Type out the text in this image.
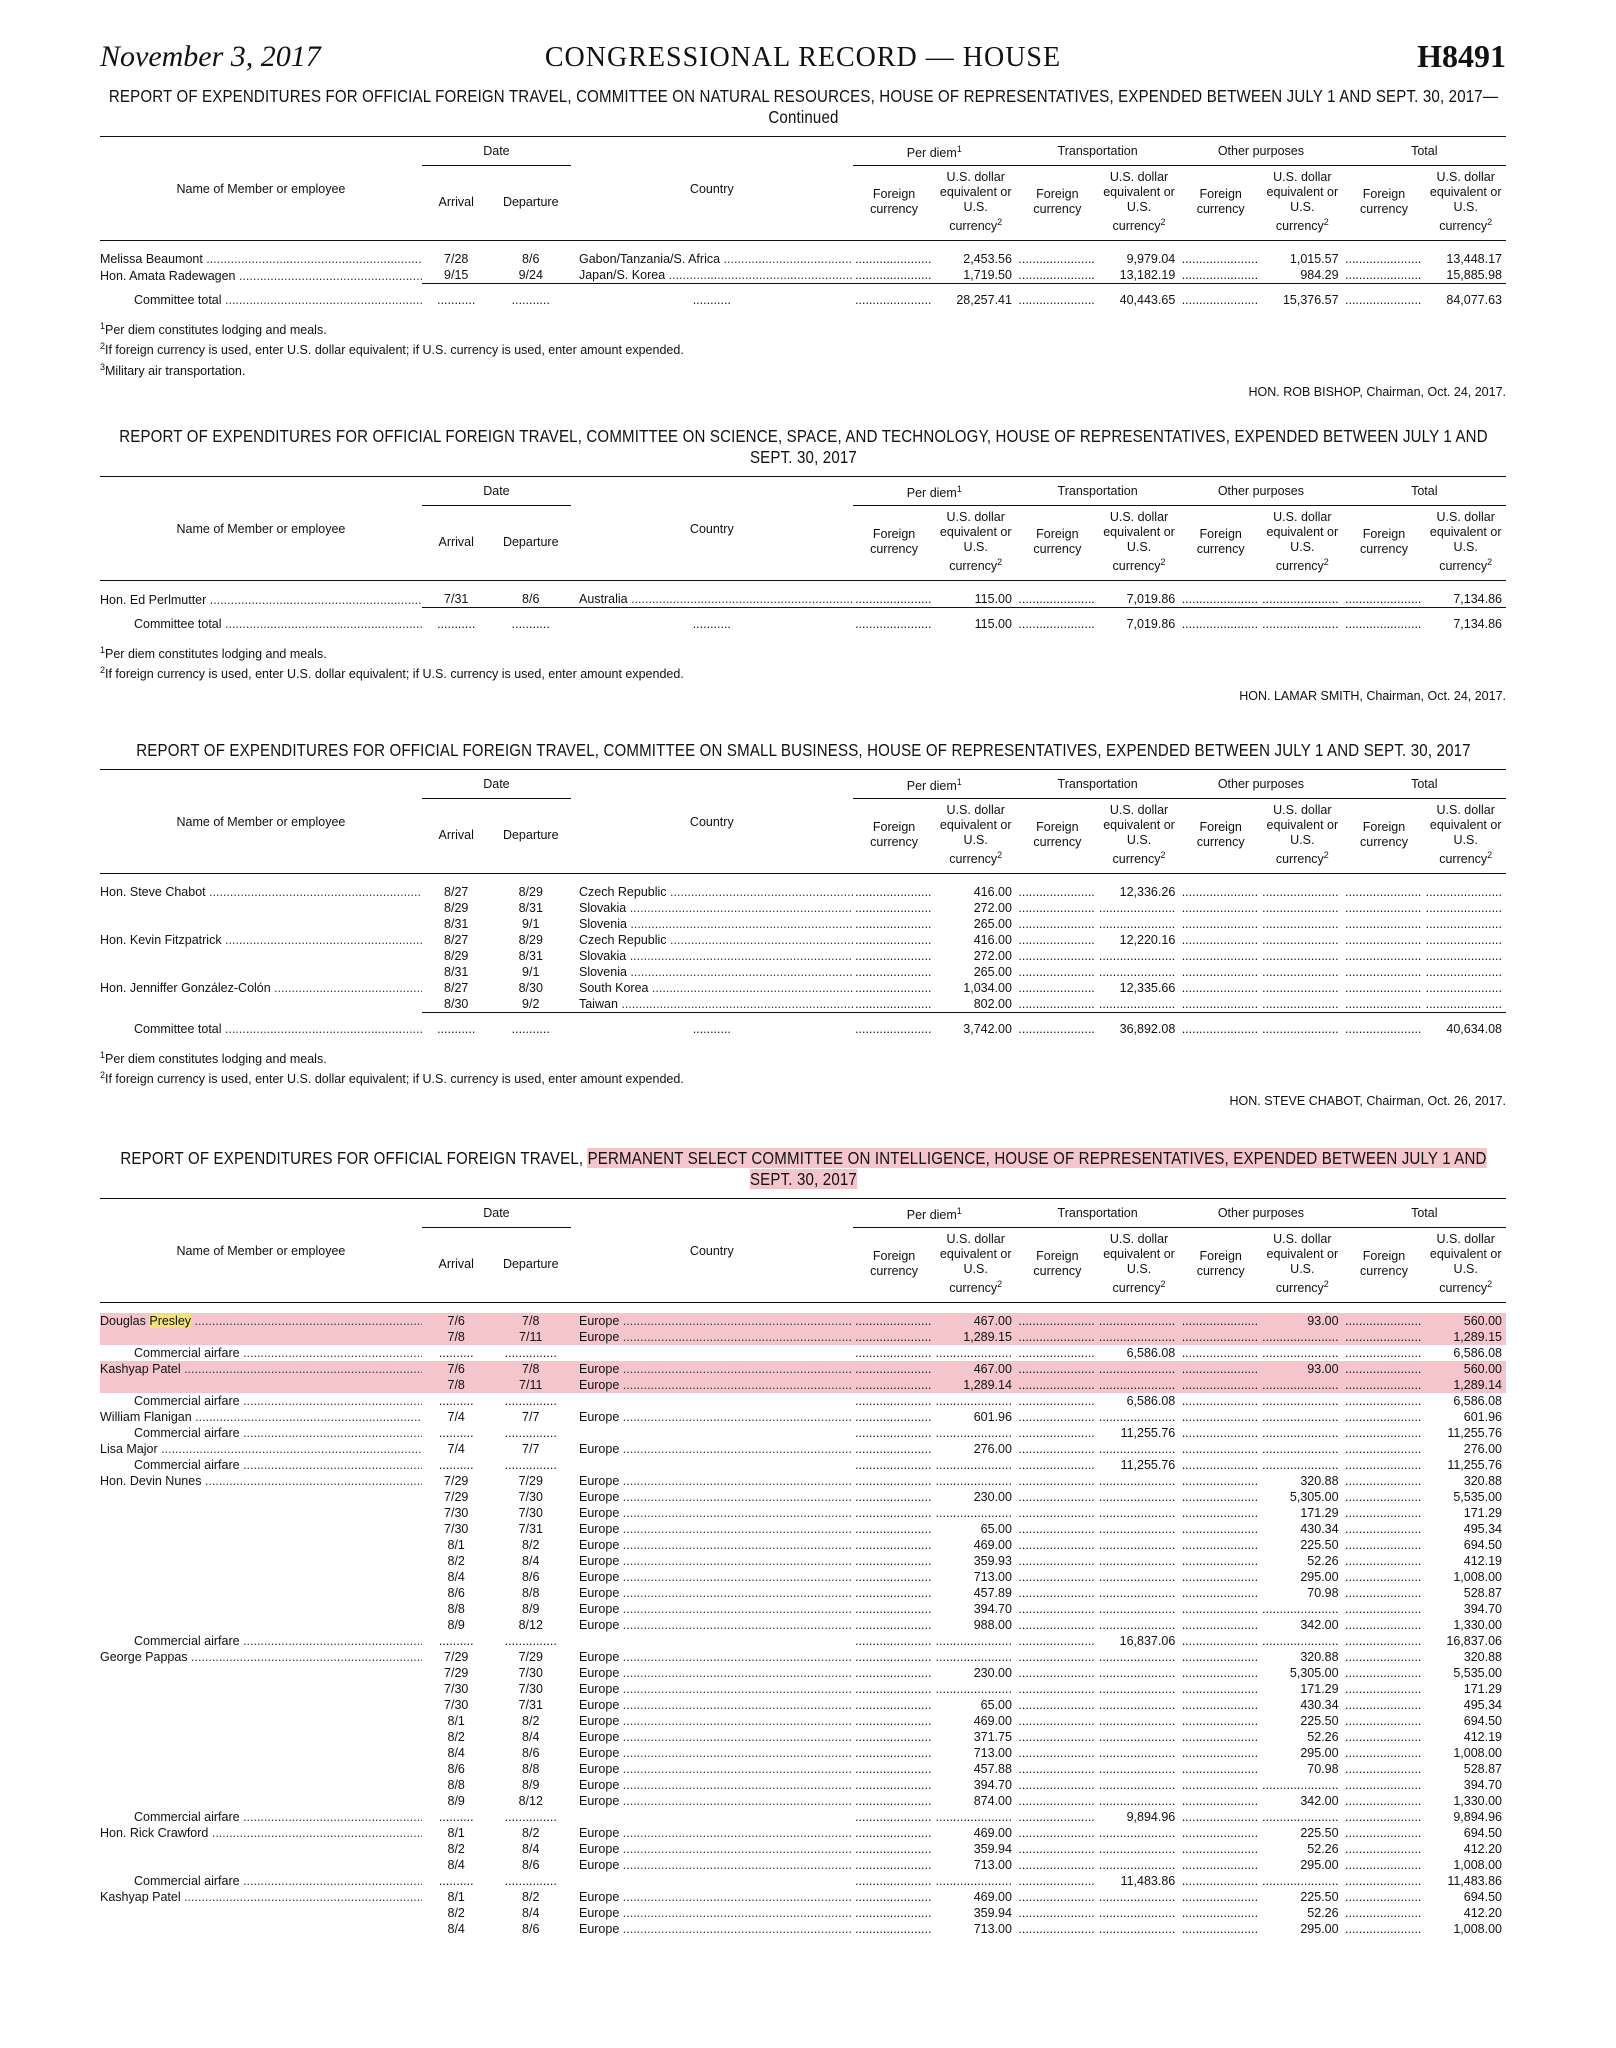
November 3, 2017	CONGRESSIONAL RECORD — HOUSE	H8491
REPORT OF EXPENDITURES FOR OFFICIAL FOREIGN TRAVEL, COMMITTEE ON NATURAL RESOURCES, HOUSE OF REPRESENTATIVES, EXPENDED BETWEEN JULY 1 AND SEPT. 30, 2017—Continued
Name of Member or employee	Date		Country	Per diem$^1$		Transportation		Other purposes		Total	
	Arrival	Departure		Foreign currency	U.S. dollar equivalent or U.S. currency$^2$	Foreign currency	U.S. dollar equivalent or U.S. currency$^2$	Foreign currency	U.S. dollar equivalent or U.S. currency$^2$	Foreign currency	U.S. dollar equivalent or U.S. currency$^2$

Melissa Beaumont .....	7/28	8/6	Gabon/Tanzania/S. Africa .....	......................	2,453.56	......................	9,979.04	......................	1,015.57	......................	13,448.17
Hon. Amata Radewagen .....	9/15	9/24	Japan/S. Korea .....	......................	1,719.50	......................	13,182.19	......................	984.29	......................	15,885.98
Committee total .....	...........	...........	...........	......................	28,257.41	......................	40,443.65	......................	15,376.57	......................	84,077.63
$^1$Per diem constitutes lodging and meals.
$^2$If foreign currency is used, enter U.S. dollar equivalent; if U.S. currency is used, enter amount expended.
$^3$Military air transportation.
HON. ROB BISHOP, Chairman, Oct. 24, 2017.
REPORT OF EXPENDITURES FOR OFFICIAL FOREIGN TRAVEL, COMMITTEE ON SCIENCE, SPACE, AND TECHNOLOGY, HOUSE OF REPRESENTATIVES, EXPENDED BETWEEN JULY 1 AND SEPT. 30, 2017
Name of Member or employee	Date		Country	Per diem$^1$		Transportation		Other purposes		Total	
	Arrival	Departure		Foreign currency	U.S. dollar equivalent or U.S. currency$^2$	Foreign currency	U.S. dollar equivalent or U.S. currency$^2$	Foreign currency	U.S. dollar equivalent or U.S. currency$^2$	Foreign currency	U.S. dollar equivalent or U.S. currency$^2$

Hon. Ed Perlmutter .....	7/31	8/6	Australia .....	......................	115.00	......................	7,019.86	......................	......................	......................	7,134.86
Committee total .....	...........	...........	...........	......................	115.00	......................	7,019.86	......................	......................	......................	7,134.86
$^1$Per diem constitutes lodging and meals.
$^2$If foreign currency is used, enter U.S. dollar equivalent; if U.S. currency is used, enter amount expended.
HON. LAMAR SMITH, Chairman, Oct. 24, 2017.
REPORT OF EXPENDITURES FOR OFFICIAL FOREIGN TRAVEL, COMMITTEE ON SMALL BUSINESS, HOUSE OF REPRESENTATIVES, EXPENDED BETWEEN JULY 1 AND SEPT. 30, 2017
Name of Member or employee	Date		Country	Per diem$^1$		Transportation		Other purposes		Total	
	Arrival	Departure		Foreign currency	U.S. dollar equivalent or U.S. currency$^2$	Foreign currency	U.S. dollar equivalent or U.S. currency$^2$	Foreign currency	U.S. dollar equivalent or U.S. currency$^2$	Foreign currency	U.S. dollar equivalent or U.S. currency$^2$

Hon. Steve Chabot .....	8/27	8/29	Czech Republic .....	......................	416.00	......................	12,336.26	......................	......................	......................	......................
	8/29	8/31	Slovakia .....	......................	272.00	......................	......................	......................	......................	......................	......................
	8/31	9/1	Slovenia .....	......................	265.00	......................	......................	......................	......................	......................	......................
Hon. Kevin Fitzpatrick .....	8/27	8/29	Czech Republic .....	......................	416.00	......................	12,220.16	......................	......................	......................	......................
	8/29	8/31	Slovakia .....	......................	272.00	......................	......................	......................	......................	......................	......................
	8/31	9/1	Slovenia .....	......................	265.00	......................	......................	......................	......................	......................	......................
Hon. Jenniffer González-Colón .....	8/27	8/30	South Korea .....	......................	1,034.00	......................	12,335.66	......................	......................	......................	......................
	8/30	9/2	Taiwan .....	......................	802.00	......................	......................	......................	......................	......................	......................
Committee total .....	...........	...........	...........	......................	3,742.00	......................	36,892.08	......................	......................	......................	40,634.08
$^1$Per diem constitutes lodging and meals.
$^2$If foreign currency is used, enter U.S. dollar equivalent; if U.S. currency is used, enter amount expended.
HON. STEVE CHABOT, Chairman, Oct. 26, 2017.
REPORT OF EXPENDITURES FOR OFFICIAL FOREIGN TRAVEL, PERMANENT SELECT COMMITTEE ON INTELLIGENCE, HOUSE OF REPRESENTATIVES, EXPENDED BETWEEN JULY 1 AND SEPT. 30, 2017
Name of Member or employee	Date		Country	Per diem$^1$		Transportation		Other purposes		Total	
	Arrival	Departure		Foreign currency	U.S. dollar equivalent or U.S. currency$^2$	Foreign currency	U.S. dollar equivalent or U.S. currency$^2$	Foreign currency	U.S. dollar equivalent or U.S. currency$^2$	Foreign currency	U.S. dollar equivalent or U.S. currency$^2$

Douglas Presley .....	7/6	7/8	Europe .....	......................	467.00	......................	......................	......................	93.00	......................	560.00
	7/8	7/11	Europe .....	......................	1,289.15	......................	......................	......................	......................	......................	1,289.15
Commercial airfare .....	..........	...............		......................	......................	......................	6,586.08	......................	......................	......................	6,586.08
Kashyap Patel .....	7/6	7/8	Europe .....	......................	467.00	......................	......................	......................	93.00	......................	560.00
	7/8	7/11	Europe .....	......................	1,289.14	......................	......................	......................	......................	......................	1,289.14
Commercial airfare .....	..........	...............		......................	......................	......................	6,586.08	......................	......................	......................	6,586.08
William Flanigan .....	7/4	7/7	Europe .....	......................	601.96	......................	......................	......................	......................	......................	601.96
Commercial airfare .....	..........	...............		......................	......................	......................	11,255.76	......................	......................	......................	11,255.76
Lisa Major .....	7/4	7/7	Europe .....	......................	276.00	......................	......................	......................	......................	......................	276.00
Commercial airfare .....	..........	...............		......................	......................	......................	11,255.76	......................	......................	......................	11,255.76
Hon. Devin Nunes .....	7/29	7/29	Europe .....	......................	......................	......................	......................	......................	320.88	......................	320.88
	7/29	7/30	Europe .....	......................	230.00	......................	......................	......................	5,305.00	......................	5,535.00
	7/30	7/30	Europe .....	......................	......................	......................	......................	......................	171.29	......................	171.29
	7/30	7/31	Europe .....	......................	65.00	......................	......................	......................	430.34	......................	495.34
	8/1	8/2	Europe .....	......................	469.00	......................	......................	......................	225.50	......................	694.50
	8/2	8/4	Europe .....	......................	359.93	......................	......................	......................	52.26	......................	412.19
	8/4	8/6	Europe .....	......................	713.00	......................	......................	......................	295.00	......................	1,008.00
	8/6	8/8	Europe .....	......................	457.89	......................	......................	......................	70.98	......................	528.87
	8/8	8/9	Europe .....	......................	394.70	......................	......................	......................	......................	......................	394.70
	8/9	8/12	Europe .....	......................	988.00	......................	......................	......................	342.00	......................	1,330.00
Commercial airfare .....	..........	...............		......................	......................	......................	16,837.06	......................	......................	......................	16,837.06
George Pappas .....	7/29	7/29	Europe .....	......................	......................	......................	......................	......................	320.88	......................	320.88
	7/29	7/30	Europe .....	......................	230.00	......................	......................	......................	5,305.00	......................	5,535.00
	7/30	7/30	Europe .....	......................	......................	......................	......................	......................	171.29	......................	171.29
	7/30	7/31	Europe .....	......................	65.00	......................	......................	......................	430.34	......................	495.34
	8/1	8/2	Europe .....	......................	469.00	......................	......................	......................	225.50	......................	694.50
	8/2	8/4	Europe .....	......................	371.75	......................	......................	......................	52.26	......................	412.19
	8/4	8/6	Europe .....	......................	713.00	......................	......................	......................	295.00	......................	1,008.00
	8/6	8/8	Europe .....	......................	457.88	......................	......................	......................	70.98	......................	528.87
	8/8	8/9	Europe .....	......................	394.70	......................	......................	......................	......................	......................	394.70
	8/9	8/12	Europe .....	......................	874.00	......................	......................	......................	342.00	......................	1,330.00
Commercial airfare .....	..........	...............		......................	......................	......................	9,894.96	......................	......................	......................	9,894.96
Hon. Rick Crawford .....	8/1	8/2	Europe .....	......................	469.00	......................	......................	......................	225.50	......................	694.50
	8/2	8/4	Europe .....	......................	359.94	......................	......................	......................	52.26	......................	412.20
	8/4	8/6	Europe .....	......................	713.00	......................	......................	......................	295.00	......................	1,008.00
Commercial airfare .....	..........	...............		......................	......................	......................	11,483.86	......................	......................	......................	11,483.86
Kashyap Patel .....	8/1	8/2	Europe .....	......................	469.00	......................	......................	......................	225.50	......................	694.50
	8/2	8/4	Europe .....	......................	359.94	......................	......................	......................	52.26	......................	412.20
	8/4	8/6	Europe .....	......................	713.00	......................	......................	......................	295.00	......................	1,008.00
